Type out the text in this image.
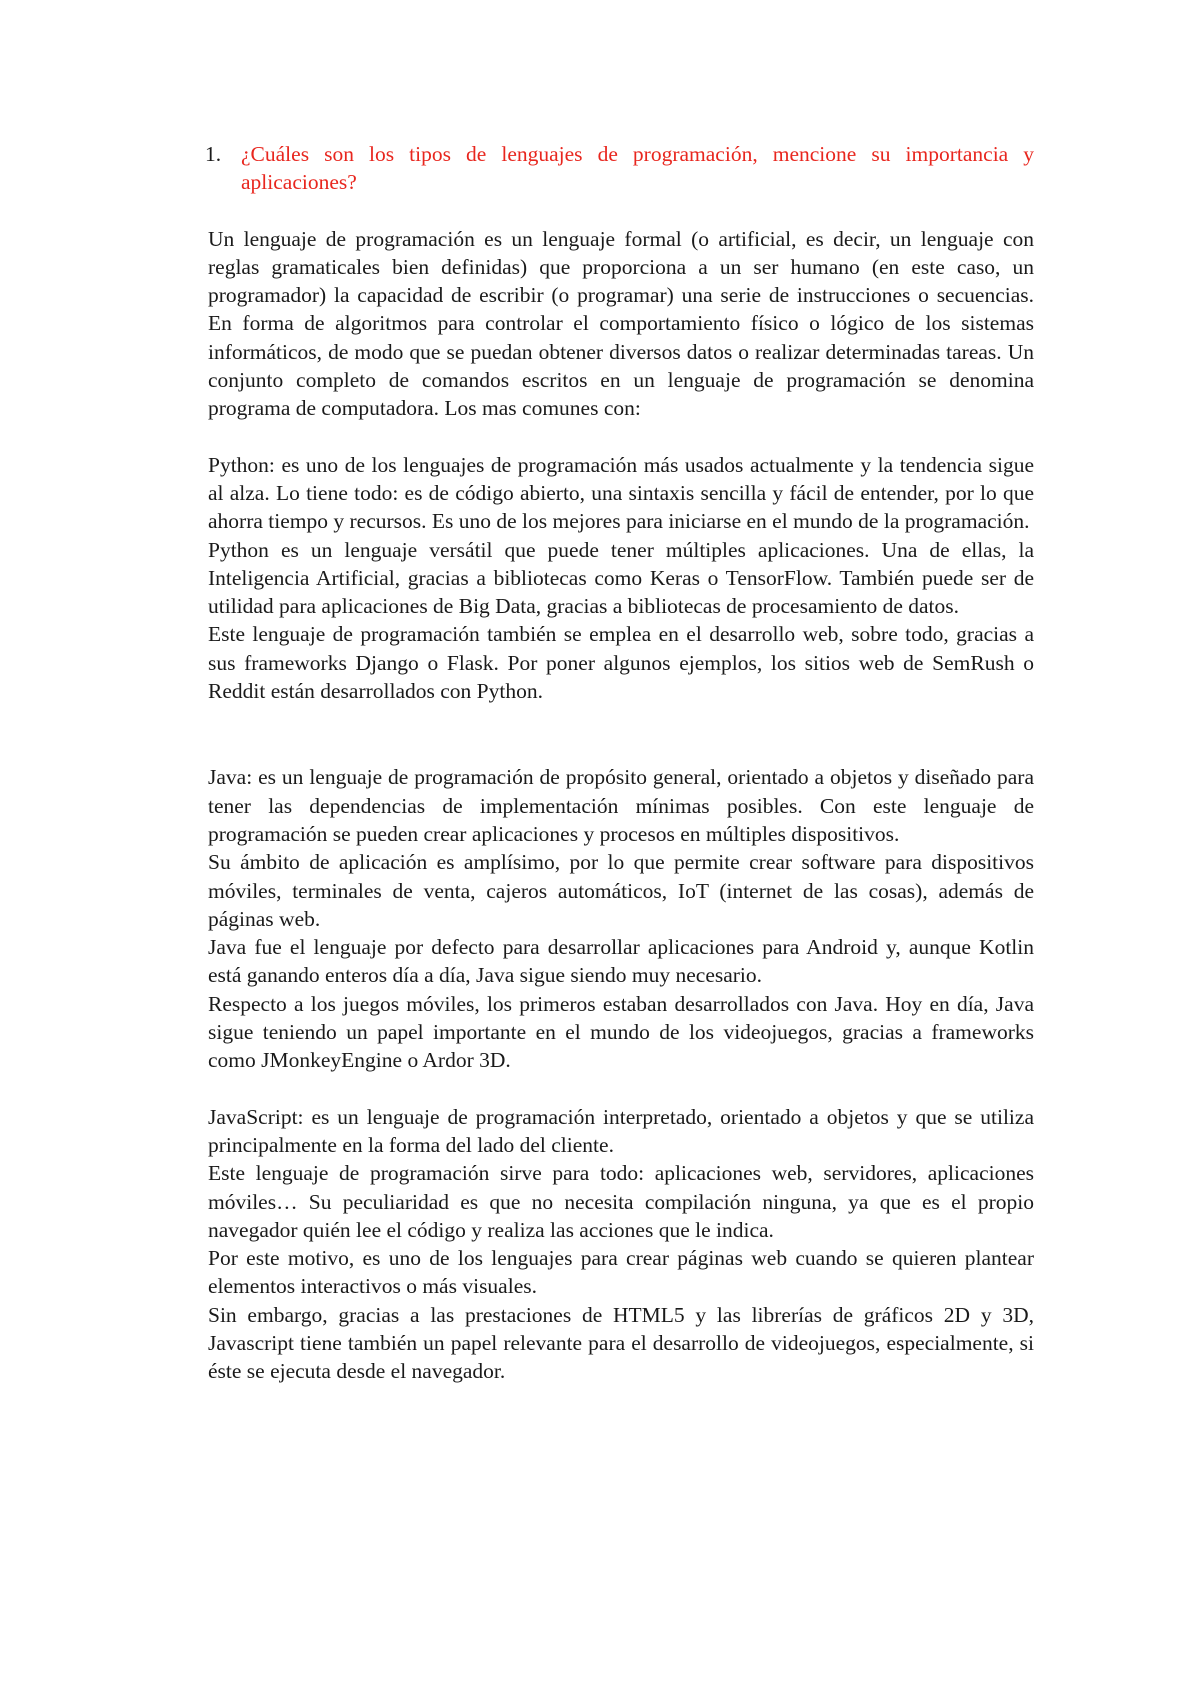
1. ¿Cuáles son los tipos de lenguajes de programación, mencione su importancia y aplicaciones?

Un lenguaje de programación es un lenguaje formal (o artificial, es decir, un lenguaje con reglas gramaticales bien definidas) que proporciona a un ser humano (en este caso, un programador) la capacidad de escribir (o programar) una serie de instrucciones o secuencias. En forma de algoritmos para controlar el comportamiento físico o lógico de los sistemas informáticos, de modo que se puedan obtener diversos datos o realizar determinadas tareas. Un conjunto completo de comandos escritos en un lenguaje de programación se denomina programa de computadora. Los mas comunes con:

Python: es uno de los lenguajes de programación más usados actualmente y la tendencia sigue al alza. Lo tiene todo: es de código abierto, una sintaxis sencilla y fácil de entender, por lo que ahorra tiempo y recursos. Es uno de los mejores para iniciarse en el mundo de la programación.

Python es un lenguaje versátil que puede tener múltiples aplicaciones. Una de ellas, la Inteligencia Artificial, gracias a bibliotecas como Keras o TensorFlow. También puede ser de utilidad para aplicaciones de Big Data, gracias a bibliotecas de procesamiento de datos.

Este lenguaje de programación también se emplea en el desarrollo web, sobre todo, gracias a sus frameworks Django o Flask. Por poner algunos ejemplos, los sitios web de SemRush o Reddit están desarrollados con Python.

Java: es un lenguaje de programación de propósito general, orientado a objetos y diseñado para tener las dependencias de implementación mínimas posibles. Con este lenguaje de programación se pueden crear aplicaciones y procesos en múltiples dispositivos.

Su ámbito de aplicación es amplísimo, por lo que permite crear software para dispositivos móviles, terminales de venta, cajeros automáticos, IoT (internet de las cosas), además de páginas web.

Java fue el lenguaje por defecto para desarrollar aplicaciones para Android y, aunque Kotlin está ganando enteros día a día, Java sigue siendo muy necesario.

Respecto a los juegos móviles, los primeros estaban desarrollados con Java. Hoy en día, Java sigue teniendo un papel importante en el mundo de los videojuegos, gracias a frameworks como JMonkeyEngine o Ardor 3D.

JavaScript: es un lenguaje de programación interpretado, orientado a objetos y que se utiliza principalmente en la forma del lado del cliente.

Este lenguaje de programación sirve para todo: aplicaciones web, servidores, aplicaciones móviles… Su peculiaridad es que no necesita compilación ninguna, ya que es el propio navegador quién lee el código y realiza las acciones que le indica.

Por este motivo, es uno de los lenguajes para crear páginas web cuando se quieren plantear elementos interactivos o más visuales.

Sin embargo, gracias a las prestaciones de HTML5 y las librerías de gráficos 2D y 3D, Javascript tiene también un papel relevante para el desarrollo de videojuegos, especialmente, si éste se ejecuta desde el navegador.
